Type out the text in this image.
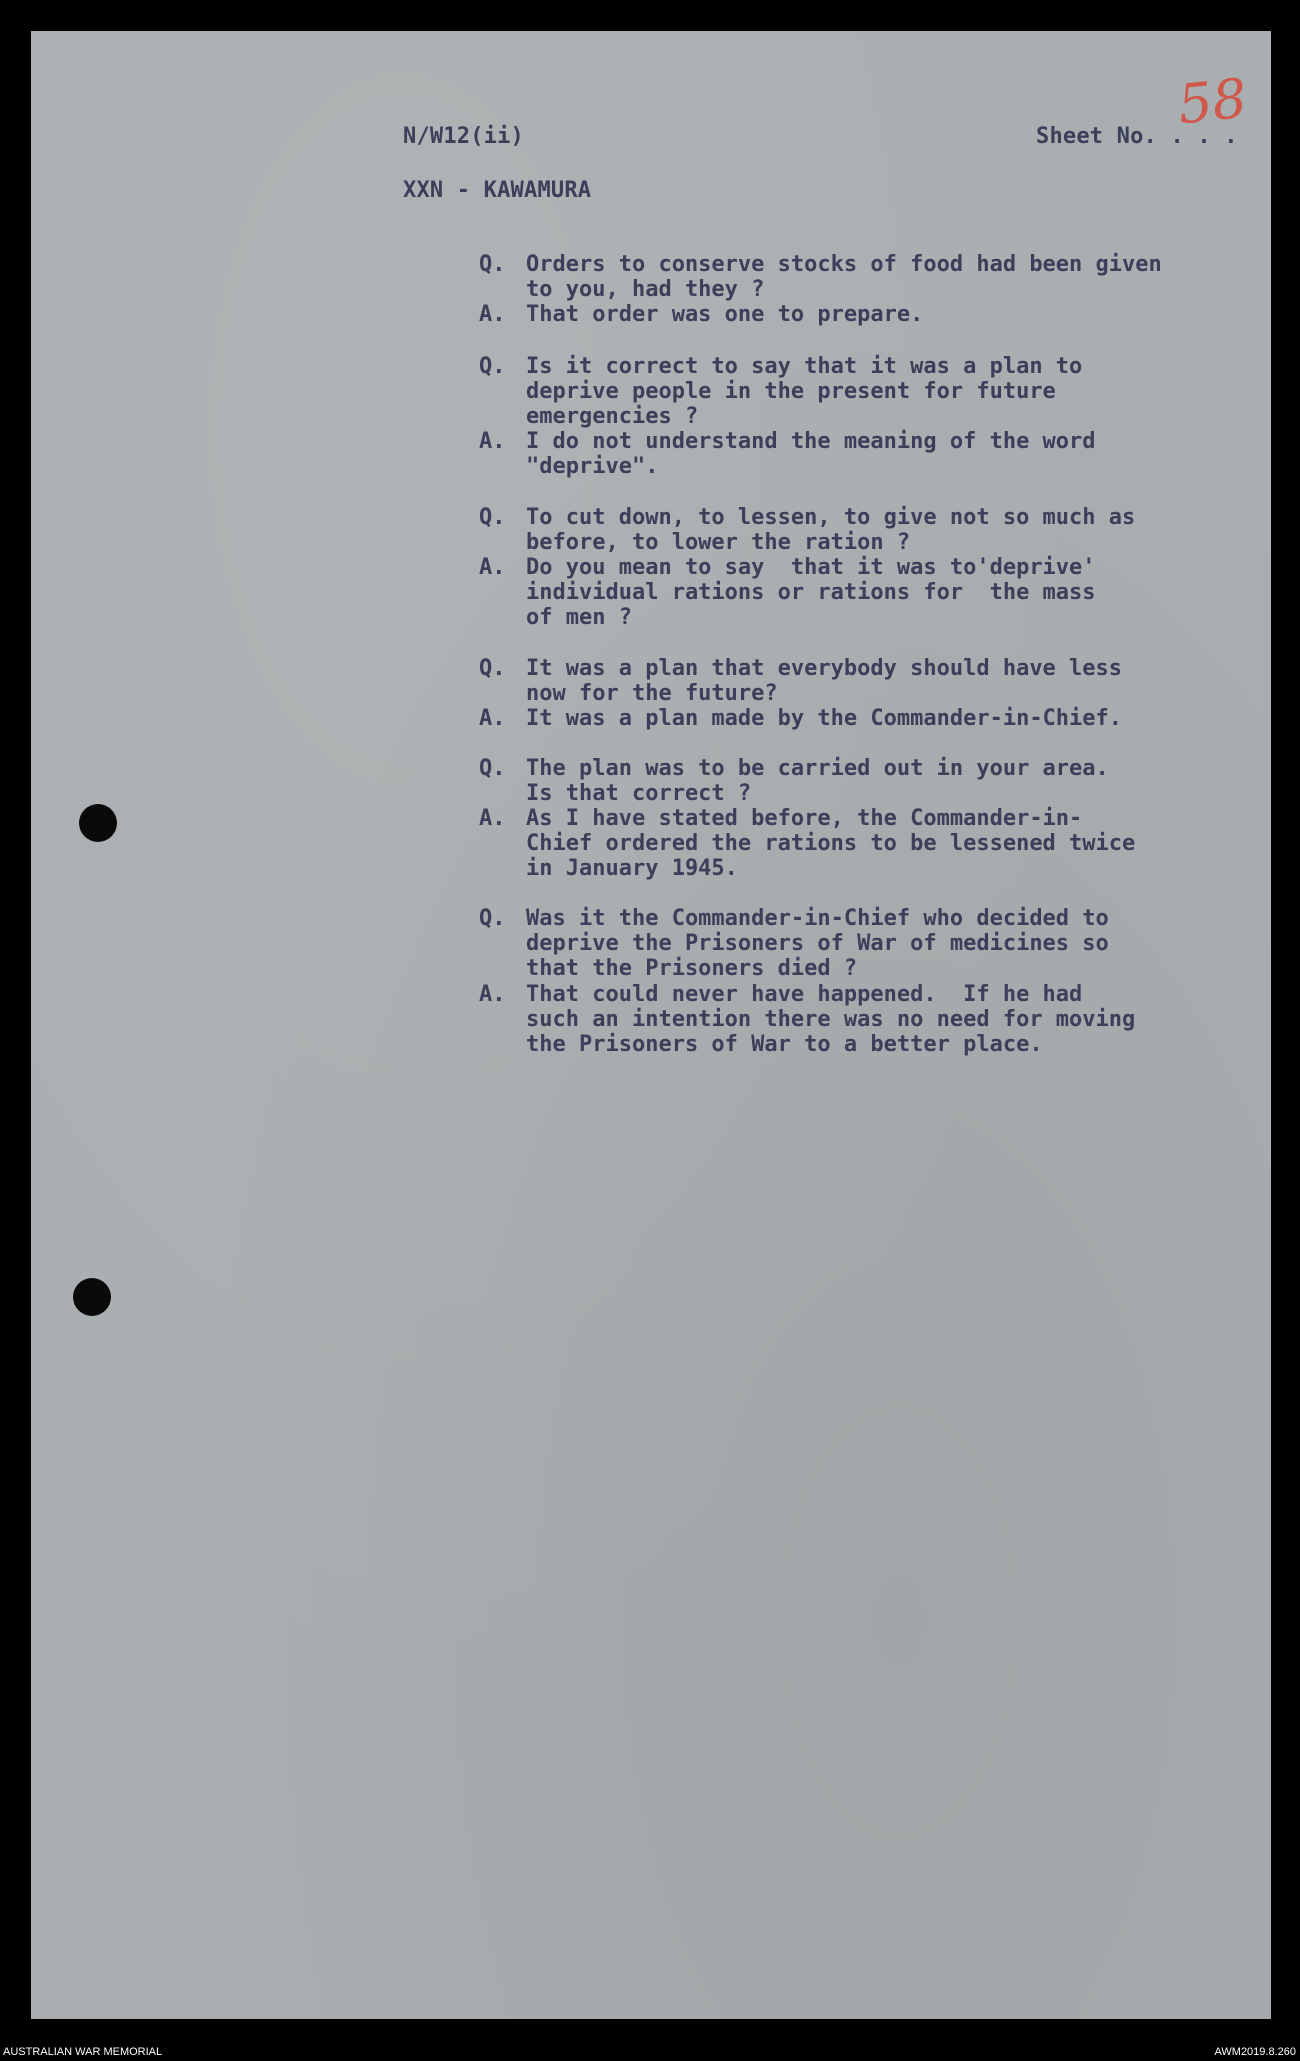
N/W12(ii)	Sheet No. . . .
58
XXN - KAWAMURA
Q. Orders to conserve stocks of food had been given
to you, had they ?
A. That order was one to prepare.
Q. Is it correct to say that it was a plan to
deprive people in the present for future
emergencies ?
A. I do not understand the meaning of the word
"deprive".
Q. To cut down, to lessen, to give not so much as
before, to lower the ration ?
A. Do you mean to say  that it was to'deprive'
individual rations or rations for  the mass
of men ?
Q. It was a plan that everybody should have less
now for the future?
A. It was a plan made by the Commander-in-Chief.
Q. The plan was to be carried out in your area.
Is that correct ?
A. As I have stated before, the Commander-in-
Chief ordered the rations to be lessened twice
in January 1945.
Q. Was it the Commander-in-Chief who decided to
deprive the Prisoners of War of medicines so
that the Prisoners died ?
A. That could never have happened.  If he had
such an intention there was no need for moving
the Prisoners of War to a better place.
AUSTRALIAN WAR MEMORIAL	AWM2019.8.260
